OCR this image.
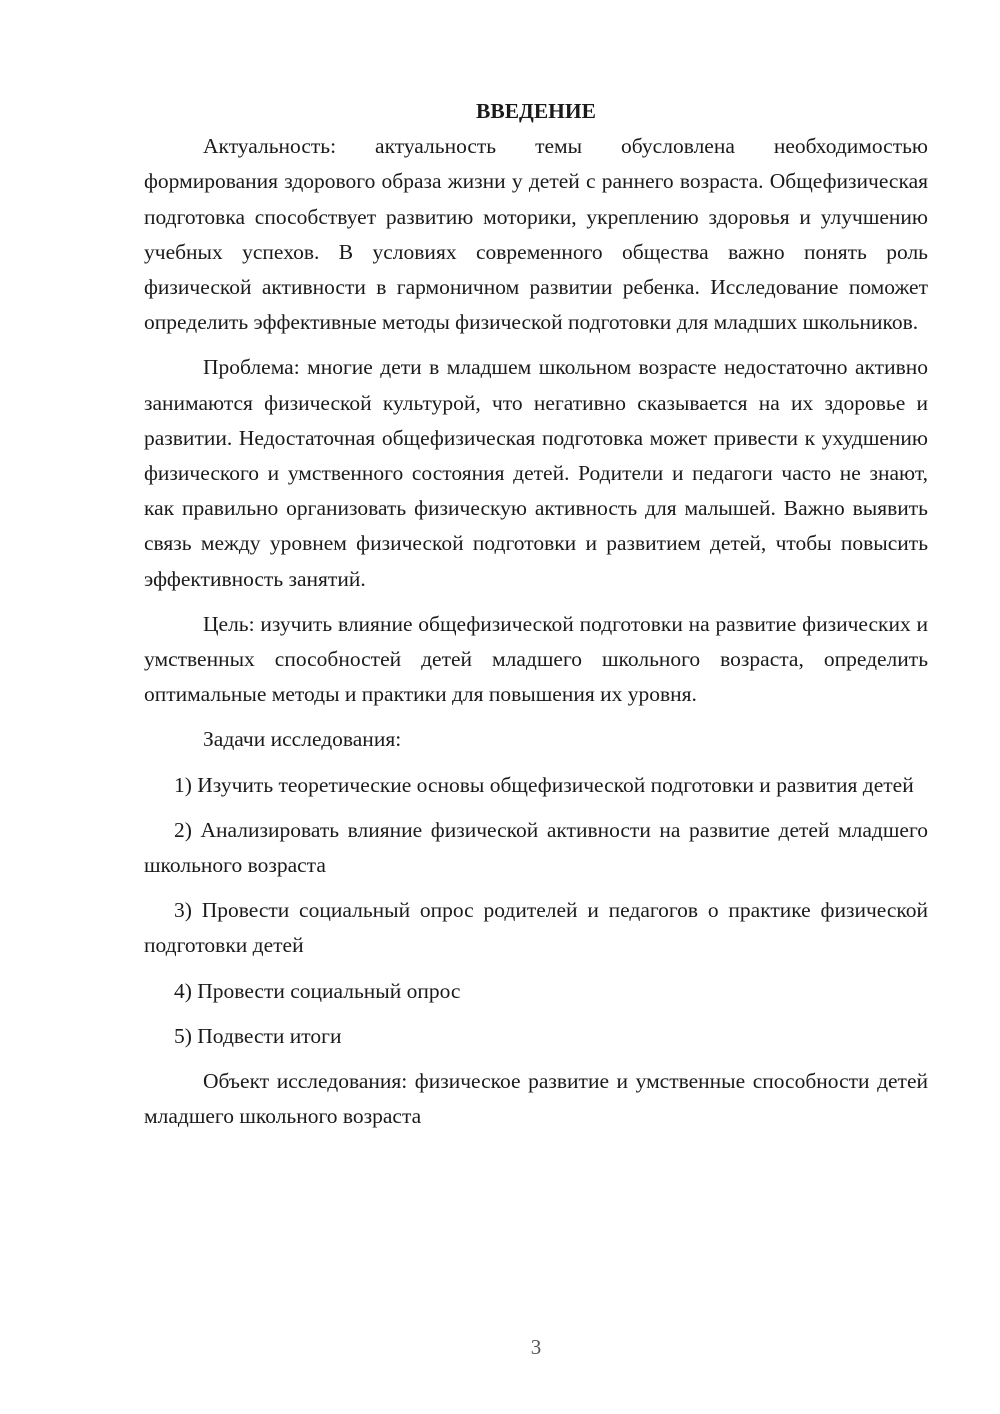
ВВЕДЕНИЕ

Актуальность: актуальность темы обусловлена необходимостью формирования здорового образа жизни у детей с раннего возраста. Общефизическая подготовка способствует развитию моторики, укреплению здоровья и улучшению учебных успехов. В условиях современного общества важно понять роль физической активности в гармоничном развитии ребенка. Исследование поможет определить эффективные методы физической подготовки для младших школьников.

Проблема: многие дети в младшем школьном возрасте недостаточно активно занимаются физической культурой, что негативно сказывается на их здоровье и развитии. Недостаточная общефизическая подготовка может привести к ухудшению физического и умственного состояния детей. Родители и педагоги часто не знают, как правильно организовать физическую активность для малышей. Важно выявить связь между уровнем физической подготовки и развитием детей, чтобы повысить эффективность занятий.

Цель: изучить влияние общефизической подготовки на развитие физических и умственных способностей детей младшего школьного возраста, определить оптимальные методы и практики для повышения их уровня.

Задачи исследования:

1) Изучить теоретические основы общефизической подготовки и развития детей

2) Анализировать влияние физической активности на развитие детей младшего школьного возраста

3) Провести социальный опрос родителей и педагогов о практике физической подготовки детей

4) Провести социальный опрос

5) Подвести итоги

Объект исследования: физическое развитие и умственные способности детей младшего школьного возраста

3
